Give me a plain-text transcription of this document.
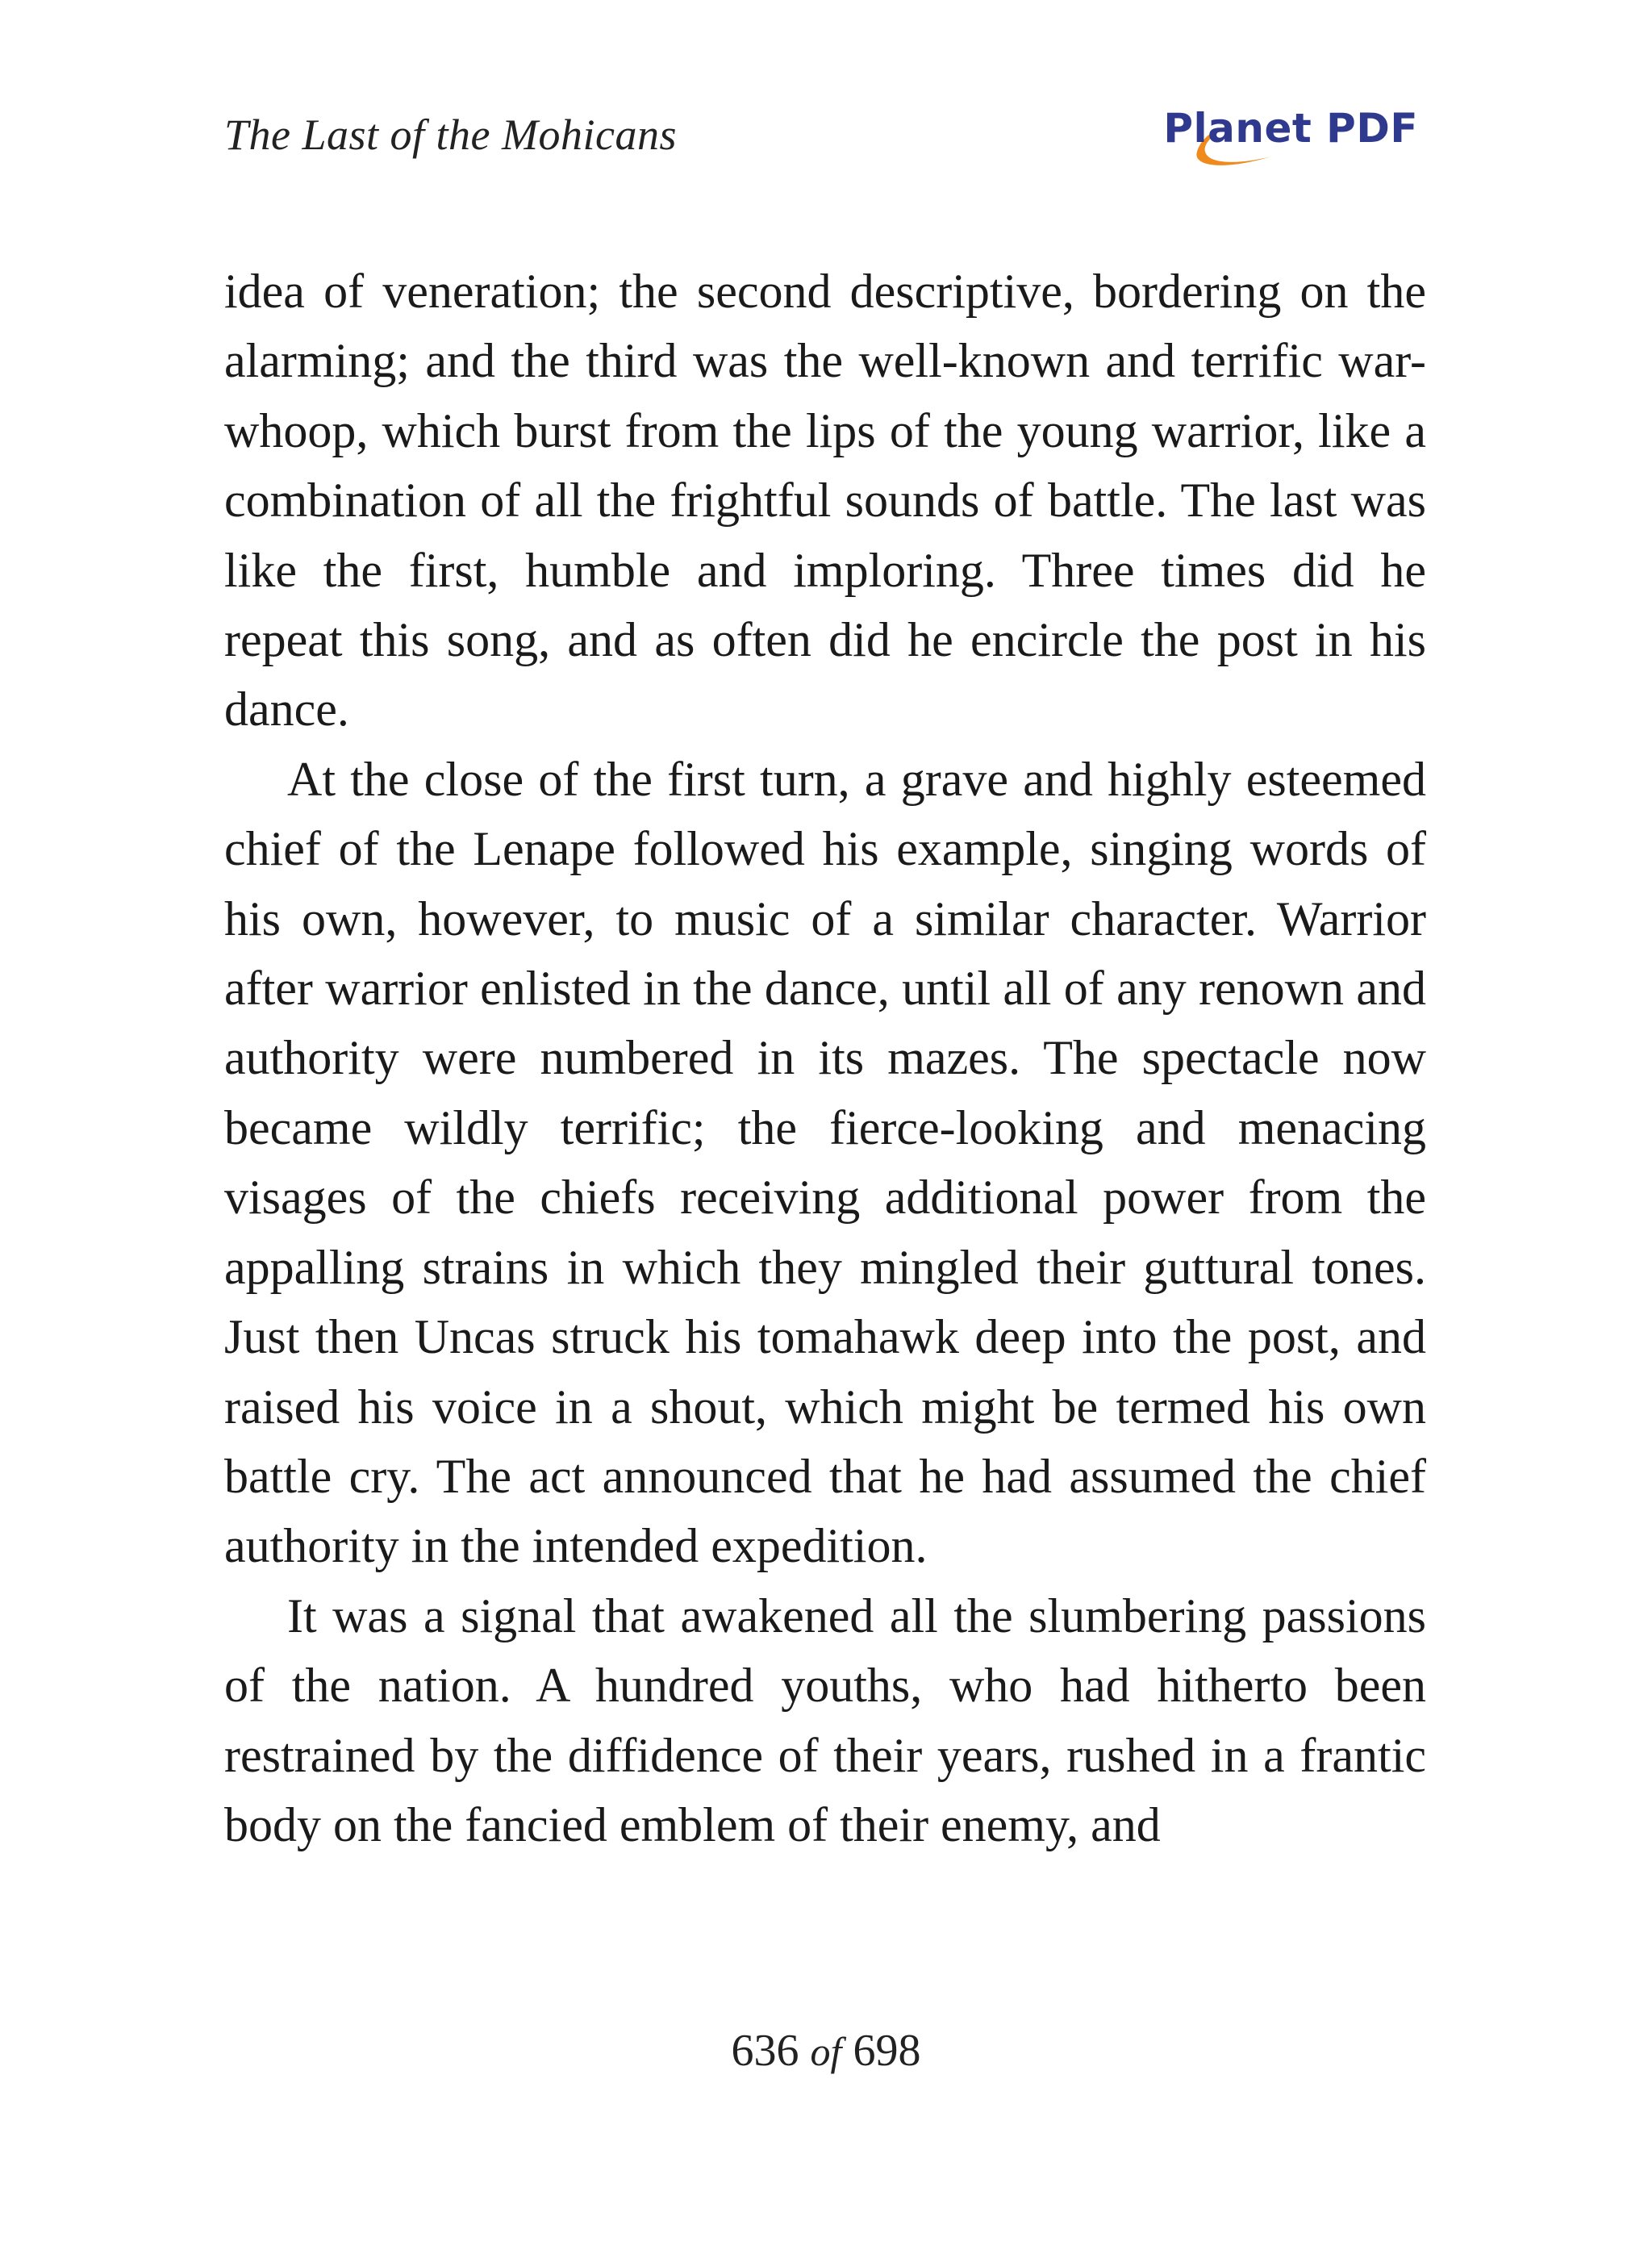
The Last of the Mohicans	Planet PDF

idea of veneration; the second descriptive, bordering on the alarming; and the third was the well-known and terrific war-whoop, which burst from the lips of the young warrior, like a combination of all the frightful sounds of battle. The last was like the first, humble and imploring. Three times did he repeat this song, and as often did he encircle the post in his dance.

At the close of the first turn, a grave and highly esteemed chief of the Lenape followed his example, singing words of his own, however, to music of a similar character. Warrior after warrior enlisted in the dance, until all of any renown and authority were numbered in its mazes. The spectacle now became wildly terrific; the fierce-looking and menacing visages of the chiefs receiving additional power from the appalling strains in which they mingled their guttural tones. Just then Uncas struck his tomahawk deep into the post, and raised his voice in a shout, which might be termed his own battle cry. The act announced that he had assumed the chief authority in the intended expedition.

It was a signal that awakened all the slumbering passions of the nation. A hundred youths, who had hitherto been restrained by the diffidence of their years, rushed in a frantic body on the fancied emblem of their enemy, and

636 of 698
